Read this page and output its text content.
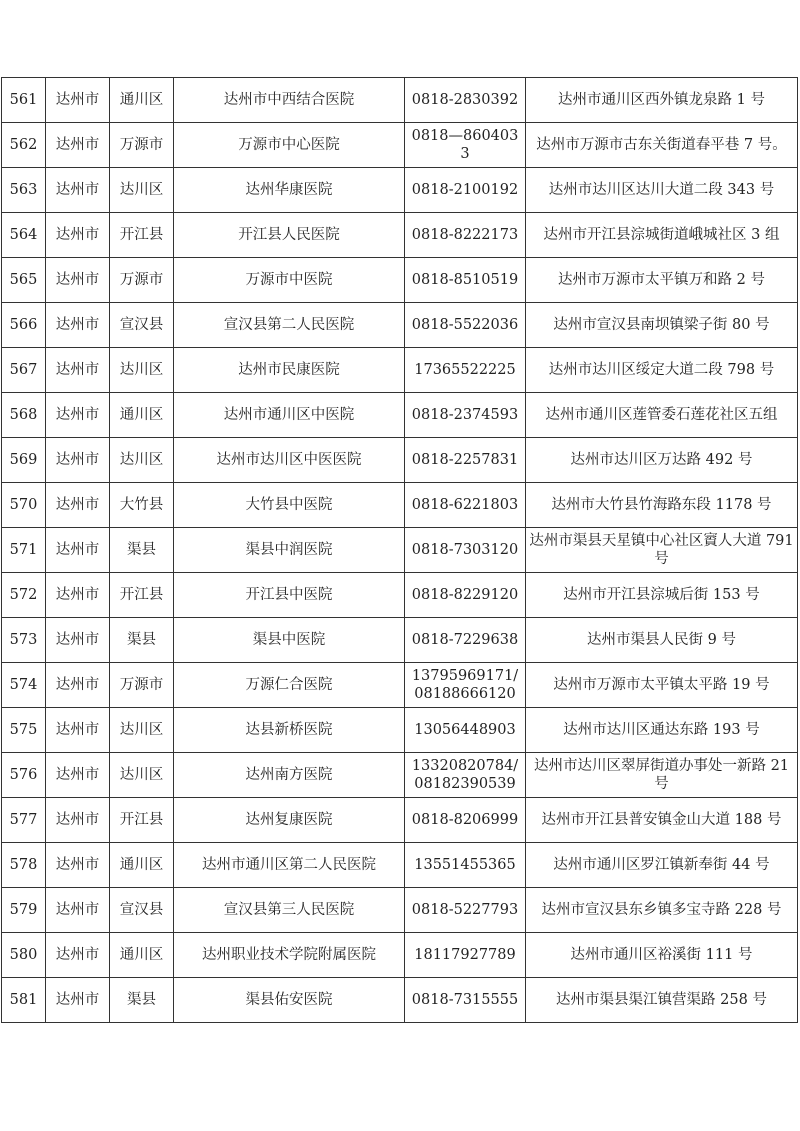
561	达州市	通川区	达州市中西结合医院	0818-2830392	达州市通川区西外镇龙泉路 1 号
562	达州市	万源市	万源市中心医院	0818—8604033	达州市万源市古东关街道春平巷 7 号。
563	达州市	达川区	达州华康医院	0818-2100192	达州市达川区达川大道二段 343 号
564	达州市	开江县	开江县人民医院	0818-8222173	达州市开江县淙城街道峨城社区 3 组
565	达州市	万源市	万源市中医院	0818-8510519	达州市万源市太平镇万和路 2 号
566	达州市	宣汉县	宣汉县第二人民医院	0818-5522036	达州市宣汉县南坝镇梁子街 80 号
567	达州市	达川区	达州市民康医院	17365522225	达州市达川区绥定大道二段 798 号
568	达州市	通川区	达州市通川区中医院	0818-2374593	达州市通川区莲管委石莲花社区五组
569	达州市	达川区	达州市达川区中医医院	0818-2257831	达州市达川区万达路 492 号
570	达州市	大竹县	大竹县中医院	0818-6221803	达州市大竹县竹海路东段 1178 号
571	达州市	渠县	渠县中润医院	0818-7303120	达州市渠县天星镇中心社区賨人大道 791 号
572	达州市	开江县	开江县中医院	0818-8229120	达州市开江县淙城后街 153 号
573	达州市	渠县	渠县中医院	0818-7229638	达州市渠县人民街 9 号
574	达州市	万源市	万源仁合医院	13795969171/08188666120	达州市万源市太平镇太平路 19 号
575	达州市	达川区	达县新桥医院	13056448903	达州市达川区通达东路 193 号
576	达州市	达川区	达州南方医院	13320820784/08182390539	达州市达川区翠屏街道办事处一新路 21 号
577	达州市	开江县	达州复康医院	0818-8206999	达州市开江县普安镇金山大道 188 号
578	达州市	通川区	达州市通川区第二人民医院	13551455365	达州市通川区罗江镇新奉街 44 号
579	达州市	宣汉县	宣汉县第三人民医院	0818-5227793	达州市宣汉县东乡镇多宝寺路 228 号
580	达州市	通川区	达州职业技术学院附属医院	18117927789	达州市通川区裕溪街 111 号
581	达州市	渠县	渠县佑安医院	0818-7315555	达州市渠县渠江镇营渠路 258 号
